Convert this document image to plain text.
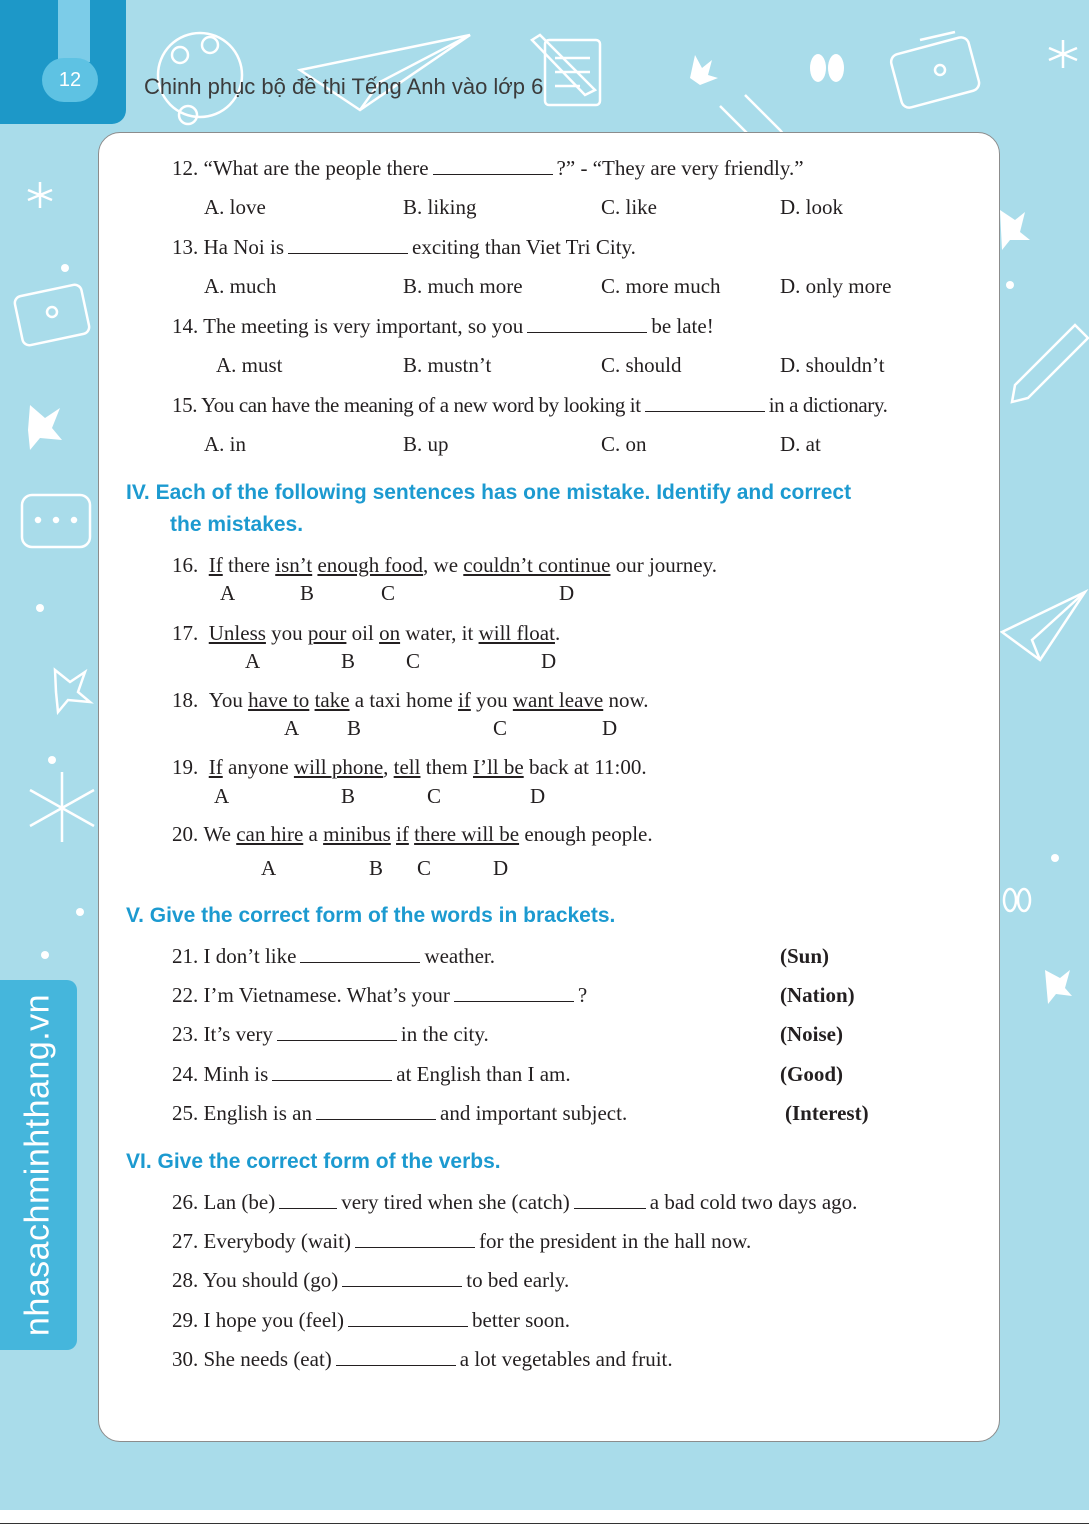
12	Chinh phục bộ đề thi Tếng Anh vào lớp 6
nhasachminhthang.vn
12. “What are the people there	?” - “They are very friendly.”
A. love	B. liking	C. like	D. look
13. Ha Noi is	exciting than Viet Tri City.
A. much	B. much more	C. more much	D. only more
14. The meeting is very important, so you	be late!
A. must	B. mustn’t	C. should	D. shouldn’t
15. You can have the meaning of a new word by looking it	in a dictionary.
A. in	B. up	C. on	D. at
IV. Each of the following sentences has one mistake. Identify and correct
the mistakes.
16. If there isn’t enough food, we couldn’t continue our journey.
A	B	C	D
17. Unless you pour oil on water, it will float.
A	B C	D
18. You have to take a taxi home if you want leave now.
A B	C	D
19. If anyone will phone, tell them I’ll be back at 11:00.
A	B	C	D
20. We can hire a minibus if there will be enough people.
A	B C	D
V. Give the correct form of the words in brackets.
21. I don’t like	weather.	(Sun)
22. I’m Vietnamese. What’s your	?	(Nation)
23. It’s very	in the city.	(Noise)
24. Minh is	at English than I am.	(Good)
25. English is an	and important subject.	(Interest)
VI. Give the correct form of the verbs.
26. Lan (be)	very tired when she (catch)	a bad cold two days ago.
27. Everybody (wait)	for the president in the hall now.
28. You should (go)	to bed early.
29. I hope you (feel)	better soon.
30. She needs (eat)	a lot vegetables and fruit.
